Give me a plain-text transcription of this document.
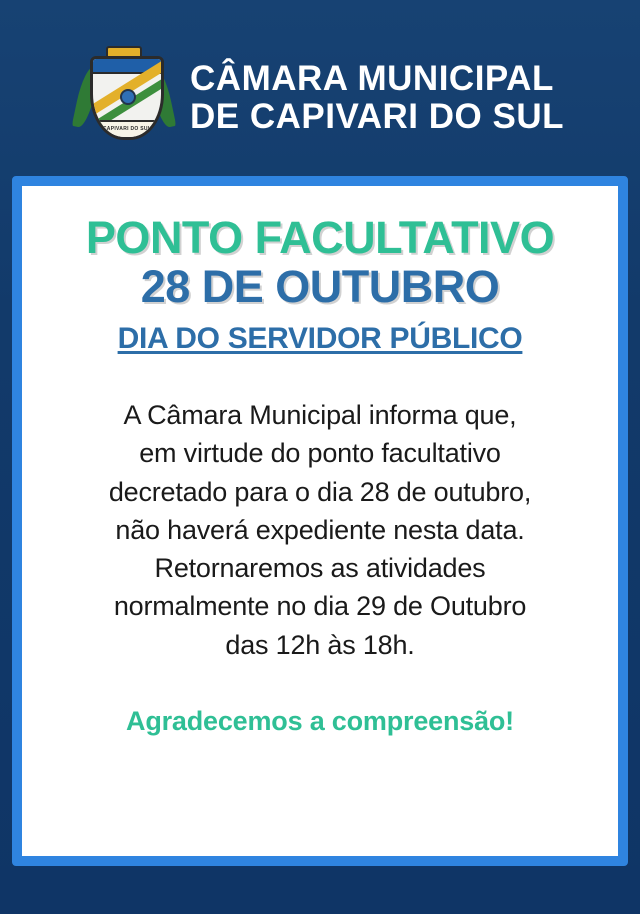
CAPIVARI DO SUL
CÂMARA MUNICIPAL
DE CAPIVARI DO SUL
PONTO FACULTATIVO
28 DE OUTUBRO
DIA DO SERVIDOR PÚBLICO

A Câmara Municipal informa que,

em virtude do ponto facultativo

decretado para o dia 28 de outubro,

não haverá expediente nesta data.

Retornaremos as atividades

normalmente no dia 29 de Outubro

das 12h às 18h.

Agradecemos a compreensão!
